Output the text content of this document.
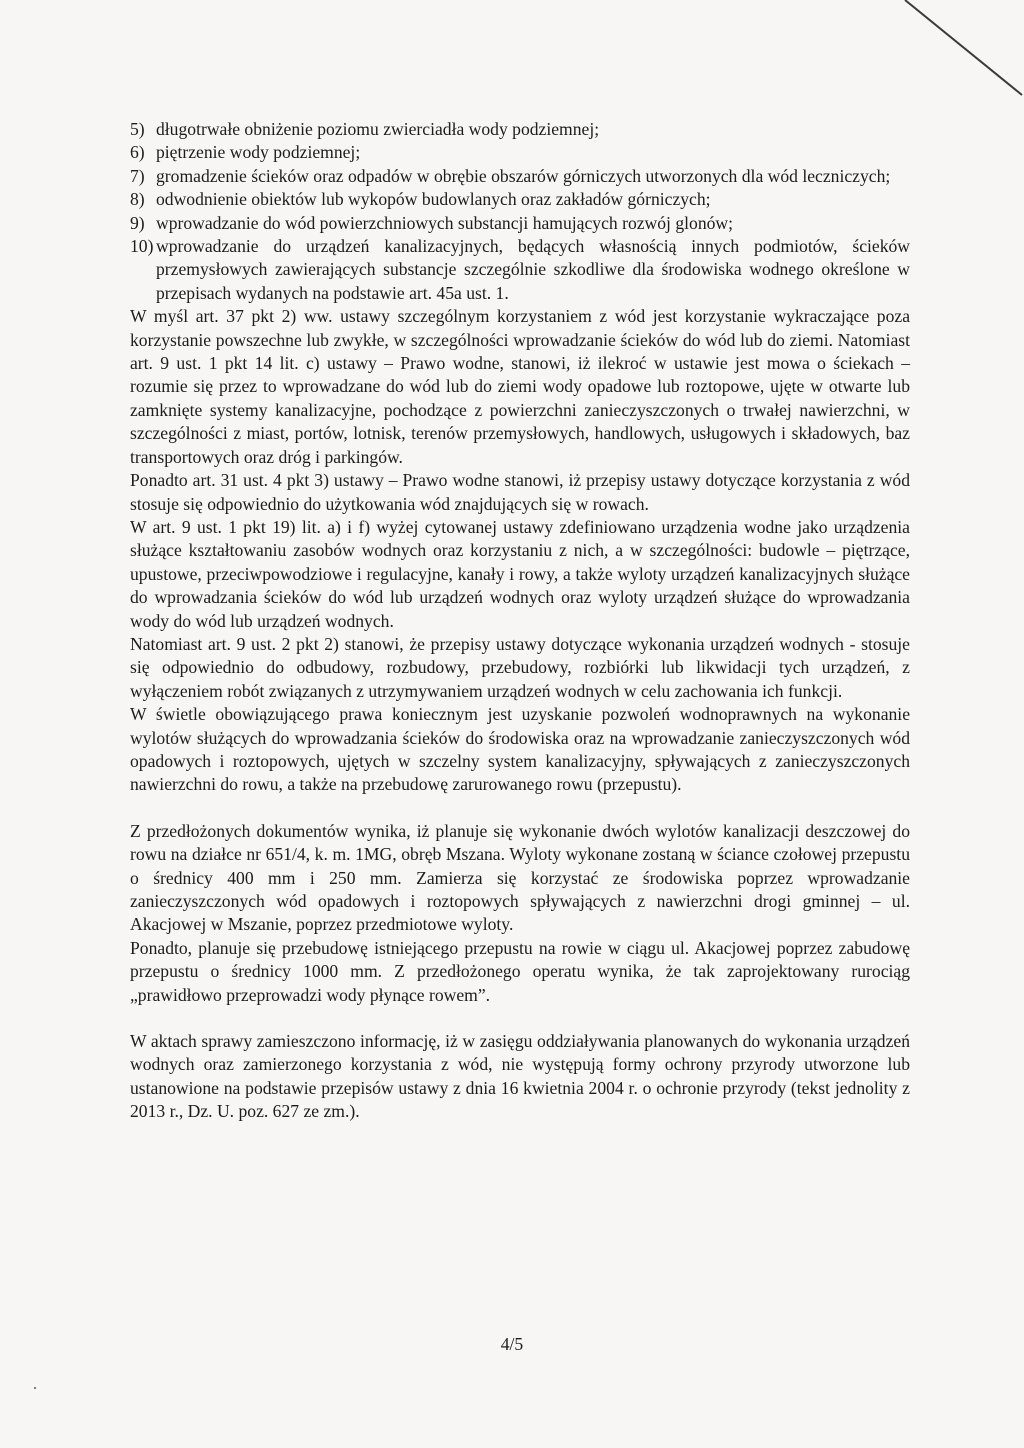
5) długotrwałe obniżenie poziomu zwierciadła wody podziemnej;
6) piętrzenie wody podziemnej;
7) gromadzenie ścieków oraz odpadów w obrębie obszarów górniczych utworzonych dla wód leczniczych;
8) odwodnienie obiektów lub wykopów budowlanych oraz zakładów górniczych;
9) wprowadzanie do wód powierzchniowych substancji hamujących rozwój glonów;
10) wprowadzanie do urządzeń kanalizacyjnych, będących własnością innych podmiotów, ścieków przemysłowych zawierających substancje szczególnie szkodliwe dla środowiska wodnego określone w przepisach wydanych na podstawie art. 45a ust. 1.

W myśl art. 37 pkt 2) ww. ustawy szczególnym korzystaniem z wód jest korzystanie wykraczające poza korzystanie powszechne lub zwykłe, w szczególności wprowadzanie ścieków do wód lub do ziemi. Natomiast art. 9 ust. 1 pkt 14 lit. c) ustawy – Prawo wodne, stanowi, iż ilekroć w ustawie jest mowa o ściekach – rozumie się przez to wprowadzane do wód lub do ziemi wody opadowe lub roztopowe, ujęte w otwarte lub zamknięte systemy kanalizacyjne, pochodzące z powierzchni zanieczyszczonych o trwałej nawierzchni, w szczególności z miast, portów, lotnisk, terenów przemysłowych, handlowych, usługowych i składowych, baz transportowych oraz dróg i parkingów.

Ponadto art. 31 ust. 4 pkt 3) ustawy – Prawo wodne stanowi, iż przepisy ustawy dotyczące korzystania z wód stosuje się odpowiednio do użytkowania wód znajdujących się w rowach.

W art. 9 ust. 1 pkt 19) lit. a) i f) wyżej cytowanej ustawy zdefiniowano urządzenia wodne jako urządzenia służące kształtowaniu zasobów wodnych oraz korzystaniu z nich, a w szczególności: budowle – piętrzące, upustowe, przeciwpowodziowe i regulacyjne, kanały i rowy, a także wyloty urządzeń kanalizacyjnych służące do wprowadzania ścieków do wód lub urządzeń wodnych oraz wyloty urządzeń służące do wprowadzania wody do wód lub urządzeń wodnych.

Natomiast art. 9 ust. 2 pkt 2) stanowi, że przepisy ustawy dotyczące wykonania urządzeń wodnych - stosuje się odpowiednio do odbudowy, rozbudowy, przebudowy, rozbiórki lub likwidacji tych urządzeń, z wyłączeniem robót związanych z utrzymywaniem urządzeń wodnych w celu zachowania ich funkcji.

W świetle obowiązującego prawa koniecznym jest uzyskanie pozwoleń wodnoprawnych na wykonanie wylotów służących do wprowadzania ścieków do środowiska oraz na wprowadzanie zanieczyszczonych wód opadowych i roztopowych, ujętych w szczelny system kanalizacyjny, spływających z zanieczyszczonych nawierzchni do rowu, a także na przebudowę zarurowanego rowu (przepustu).

Z przedłożonych dokumentów wynika, iż planuje się wykonanie dwóch wylotów kanalizacji deszczowej do rowu na działce nr 651/4, k. m. 1MG, obręb Mszana. Wyloty wykonane zostaną w ściance czołowej przepustu o średnicy 400 mm i 250 mm. Zamierza się korzystać ze środowiska poprzez wprowadzanie zanieczyszczonych wód opadowych i roztopowych spływających z nawierzchni drogi gminnej – ul. Akacjowej w Mszanie, poprzez przedmiotowe wyloty.

Ponadto, planuje się przebudowę istniejącego przepustu na rowie w ciągu ul. Akacjowej poprzez zabudowę przepustu o średnicy 1000 mm. Z przedłożonego operatu wynika, że tak zaprojektowany rurociąg „prawidłowo przeprowadzi wody płynące rowem”.

W aktach sprawy zamieszczono informację, iż w zasięgu oddziaływania planowanych do wykonania urządzeń wodnych oraz zamierzonego korzystania z wód, nie występują formy ochrony przyrody utworzone lub ustanowione na podstawie przepisów ustawy z dnia 16 kwietnia 2004 r. o ochronie przyrody (tekst jednolity z 2013 r., Dz. U. poz. 627 ze zm.).

4/5
